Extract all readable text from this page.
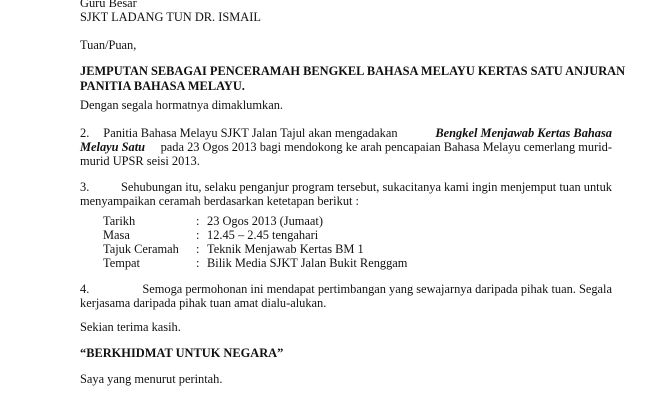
Guru Besar
SJKT LADANG TUN DR. ISMAIL
Tuan/Puan,
JEMPUTAN SEBAGAI PENCERAMAH BENGKEL BAHASA MELAYU KERTAS SATU ANJURAN
PANITIA BAHASA MELAYU.
Dengan segala hormatnya dimaklumkan.
2. Panitia Bahasa Melayu SJKT Jalan Tajul akan mengadakan	Bengkel Menjawab Kertas Bahasa
Melayu Satu pada 23 Ogos 2013 bagi mendokong ke arah pencapaian Bahasa Melayu cemerlang murid-
murid UPSR seisi 2013.
3.	Sehubungan itu, selaku penganjur program tersebut, sukacitanya kami ingin menjemput tuan untuk
menyampaikan ceramah berdasarkan ketetapan berikut :
Tarikh	: 23 Ogos 2013 (Jumaat)
Masa	: 12.45 – 2.45 tengahari
Tajuk Ceramah : Teknik Menjawab Kertas BM 1
Tempat	: Bilik Media SJKT Jalan Bukit Renggam
4.	Semoga permohonan ini mendapat pertimbangan yang sewajarnya daripada pihak tuan. Segala
kerjasama daripada pihak tuan amat dialu-alukan.
Sekian terima kasih.
“BERKHIDMAT UNTUK NEGARA”
Saya yang menurut perintah.
